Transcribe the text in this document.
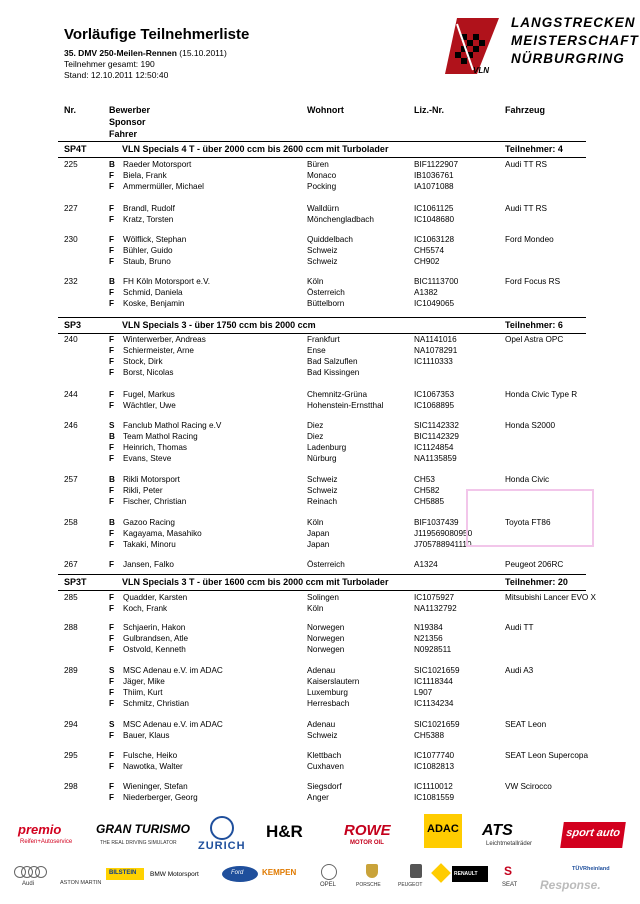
Vorläufige Teilnehmerliste
35. DMV 250-Meilen-Rennen (15.10.2011)
Teilnehmer gesamt: 190
Stand: 12.10.2011 12:50:40	VLN
LANGSTRECKEN
MEISTERSCHAFT
NÜRBURGRING
Nr.	Bewerber
Sponsor
Fahrer
Wohnort	Liz.-Nr.	Fahrzeug
SP4T	VLN Specials 4 T - über 2000 ccm bis 2600 ccm mit Turbolader	Teilnehmer: 4
225	B Raeder Motorsport	Büren	BIF1122907	Audi TT RS
F Biela, Frank	Monaco	IB1036761
F Ammermüller, Michael	Pocking	IA1071088
227	F Brandl, Rudolf	Walldürn	IC1061125	Audi TT RS
F Kratz, Torsten	Mönchengladbach	IC1048680
230	F Wölflick, Stephan	Quiddelbach	IC1063128	Ford Mondeo
F Bühler, Guido	Schweiz	CH5574
F Staub, Bruno	Schweiz	CH902
232	B FH Köln Motorsport e.V.	Köln	BIC1113700	Ford Focus RS
F Schmid, Daniela	Österreich	A1382
F Koske, Benjamin	Büttelborn	IC1049065
SP3	VLN Specials 3 - über 1750 ccm bis 2000 ccm	Teilnehmer: 6
240	F Winterwerber, Andreas	Frankfurt	NA1141016	Opel Astra OPC
F Schiermeister, Arne	Ense	NA1078291
F Stock, Dirk	Bad Salzuflen	IC1110333
F Borst, Nicolas	Bad Kissingen
244	F Fugel, Markus	Chemnitz-Grüna	IC1067353	Honda Civic Type R
F Wächtler, Uwe	Hohenstein-Ernstthal	IC1068895
246	S Fanclub Mathol Racing e.V	Diez	SIC1142332	Honda S2000
B Team Mathol Racing	Diez	BIC1142329
F Heinrich, Thomas	Ladenburg	IC1124854
F Evans, Steve	Nürburg	NA1135859
257	B Rikli Motorsport	Schweiz	CH53	Honda Civic
F Rikli, Peter	Schweiz	CH582
F Fischer, Christian	Reinach	CH5885
258	B Gazoo Racing	Köln	BIF1037439	Toyota FT86
F Kagayama, Masahiko	Japan	J119569080950
F Takaki, Minoru	Japan	J705788941110
267	F Jansen, Falko	Österreich	A1324	Peugeot 206RC
SP3T	VLN Specials 3 T - über 1600 ccm bis 2000 ccm mit Turbolader	Teilnehmer: 20
285	F Quadder, Karsten	Solingen	IC1075927	Mitsubishi Lancer EVO X
F Koch, Frank	Köln	NA1132792
288	F Schjaerin, Hakon	Norwegen	N19384	Audi TT
F Gulbrandsen, Atle	Norwegen	N21356
F Ostvold, Kenneth	Norwegen	N0928511
289	S MSC Adenau e.V. im ADAC	Adenau	SIC1021659	Audi A3
F Jäger, Mike	Kaiserslautern	IC1118344
F Thiim, Kurt	Luxemburg	L907
F Schmitz, Christian	Herresbach	IC1134234
294	S MSC Adenau e.V. im ADAC	Adenau	SIC1021659	SEAT Leon
F Bauer, Klaus	Schweiz	CH5388
295	F Fulsche, Heiko	Klettbach	IC1077740	SEAT Leon Supercopa
F Nawotka, Walter	Cuxhaven	IC1082813
298	F Wieninger, Stefan	Siegsdorf	IC1110012	VW Scirocco
F Niederberger, Georg	Anger	IC1081559
premio
Reifen+Autoservice
GRAN TURISMO
THE REAL DRIVING SIMULATOR ZURICH
H&R	ROWE
MOTOR OIL
ADAC ATS
Leichtmetallräder
sport auto
Audi	ASTON MARTIN
BILSTEIN BMW Motorsport	Ford KEMPEN
OPEL	PORSCHE	PEUGEOT
RENAULT S
SEAT
TÜVRheinland
Response.
